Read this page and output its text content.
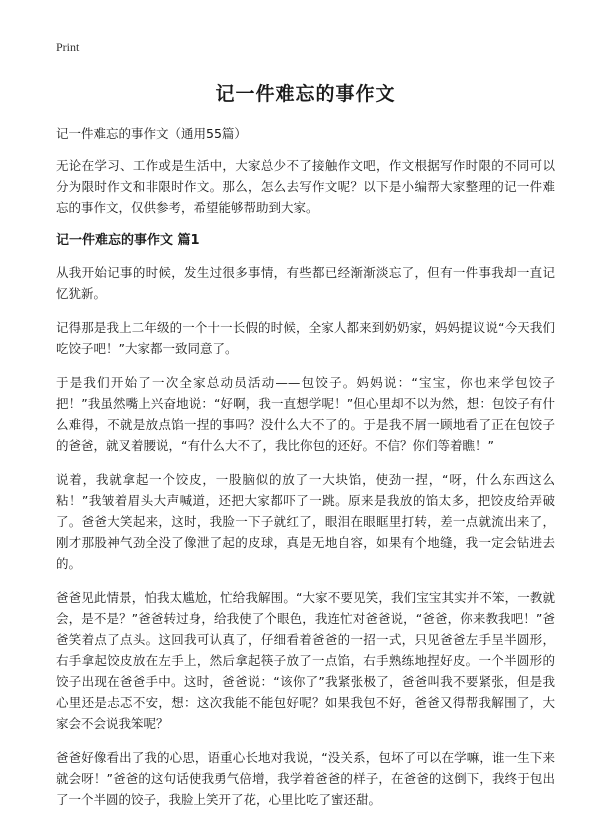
Print
记一件难忘的事作文
记一件难忘的事作文（通用55篇）

无论在学习、工作或是生活中，大家总少不了接触作文吧，作文根据写作时限的不同可以分为限时作文和非限时作文。那么，怎么去写作文呢？以下是小编帮大家整理的记一件难忘的事作文，仅供参考，希望能够帮助到大家。

记一件难忘的事作文 篇1

从我开始记事的时候，发生过很多事情，有些都已经渐渐淡忘了，但有一件事我却一直记忆犹新。

记得那是我上二年级的一个十一长假的时候，全家人都来到奶奶家，妈妈提议说“今天我们吃饺子吧！”大家都一致同意了。

于是我们开始了一次全家总动员活动——包饺子。妈妈说：“宝宝，你也来学包饺子把！”我虽然嘴上兴奋地说：“好啊，我一直想学呢！”但心里却不以为然，想：包饺子有什么难得，不就是放点馅一捏的事吗？没什么大不了的。于是我不屑一顾地看了正在包饺子的爸爸，就叉着腰说，“有什么大不了，我比你包的还好。不信？你们等着瞧！”

说着，我就拿起一个饺皮，一股脑似的放了一大块馅，使劲一捏，“呀，什么东西这么粘！”我皱着眉头大声喊道，还把大家都吓了一跳。原来是我放的馅太多，把饺皮给弄破了。爸爸大笑起来，这时，我脸一下子就红了，眼泪在眼眶里打转，差一点就流出来了，刚才那股神气劲全没了像泄了起的皮球，真是无地自容，如果有个地缝，我一定会钻进去的。

爸爸见此情景，怕我太尴尬，忙给我解围。“大家不要见笑，我们宝宝其实并不笨，一教就会，是不是？”爸爸转过身，给我使了个眼色，我连忙对爸爸说，“爸爸，你来教我吧！”爸爸笑着点了点头。这回我可认真了，仔细看着爸爸的一招一式，只见爸爸左手呈半圆形，右手拿起饺皮放在左手上，然后拿起筷子放了一点馅，右手熟练地捏好皮。一个半圆形的饺子出现在爸爸手中。这时，爸爸说：“该你了”我紧张极了，爸爸叫我不要紧张，但是我心里还是忐忑不安，想：这次我能不能包好呢？如果我包不好，爸爸又得帮我解围了，大家会不会说我笨呢？

爸爸好像看出了我的心思，语重心长地对我说，“没关系，包坏了可以在学嘛，谁一生下来就会呀！”爸爸的这句话使我勇气倍增，我学着爸爸的样子，在爸爸的这倒下，我终于包出了一个半圆的饺子，我脸上笑开了花，心里比吃了蜜还甜。
